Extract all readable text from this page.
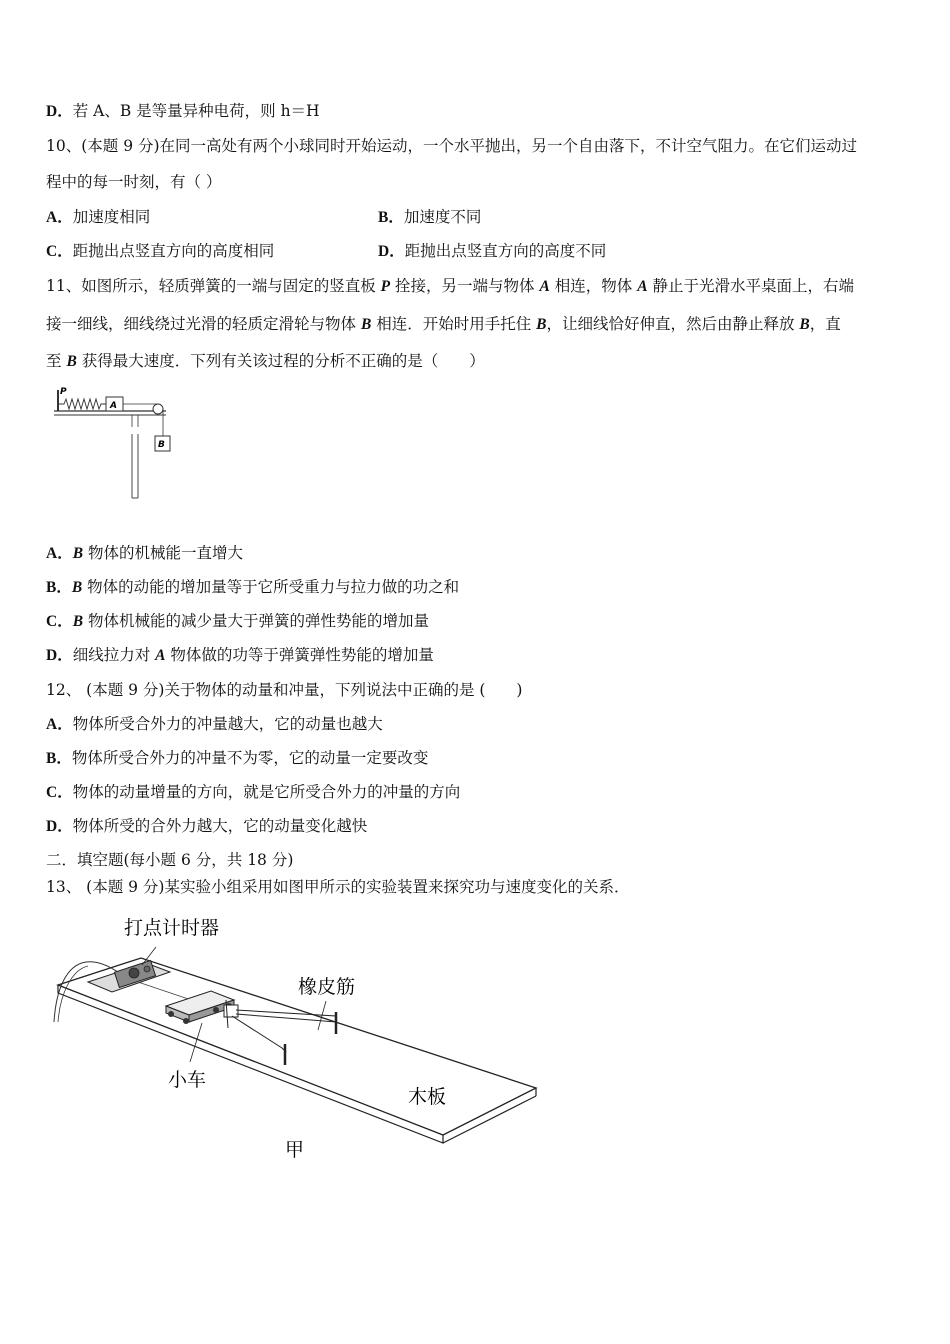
D．若 A、B 是等量异种电荷，则 h＝H
10、(本题 9 分)在同一高处有两个小球同时开始运动，一个水平抛出，另一个自由落下，不计空气阻力。在它们运动过
程中的每一时刻，有（ ）
A．加速度相同	B．加速度不同
C．距抛出点竖直方向的高度相同	D．距抛出点竖直方向的高度不同
11、如图所示，轻质弹簧的一端与固定的竖直板 P 拴接，另一端与物体 A 相连，物体 A 静止于光滑水平桌面上，右端
接一细线，细线绕过光滑的轻质定滑轮与物体 B 相连．开始时用手托住 B，让细线恰好伸直，然后由静止释放 B，直
至 B 获得最大速度．下列有关该过程的分析不正确的是（　　）
P
A
B
A．B 物体的机械能一直增大
B．B 物体的动能的增加量等于它所受重力与拉力做的功之和
C．B 物体机械能的减少量大于弹簧的弹性势能的增加量
D．细线拉力对 A 物体做的功等于弹簧弹性势能的增加量
12、 (本题 9 分)关于物体的动量和冲量，下列说法中正确的是 (　　)
A．物体所受合外力的冲量越大，它的动量也越大
B．物体所受合外力的冲量不为零，它的动量一定要改变
C．物体的动量增量的方向，就是它所受合外力的冲量的方向
D．物体所受的合外力越大，它的动量变化越快
二．填空题(每小题 6 分，共 18 分)
13、 (本题 9 分)某实验小组采用如图甲所示的实验装置来探究功与速度变化的关系．
打点计时器
橡皮筋
小车
木板
甲
